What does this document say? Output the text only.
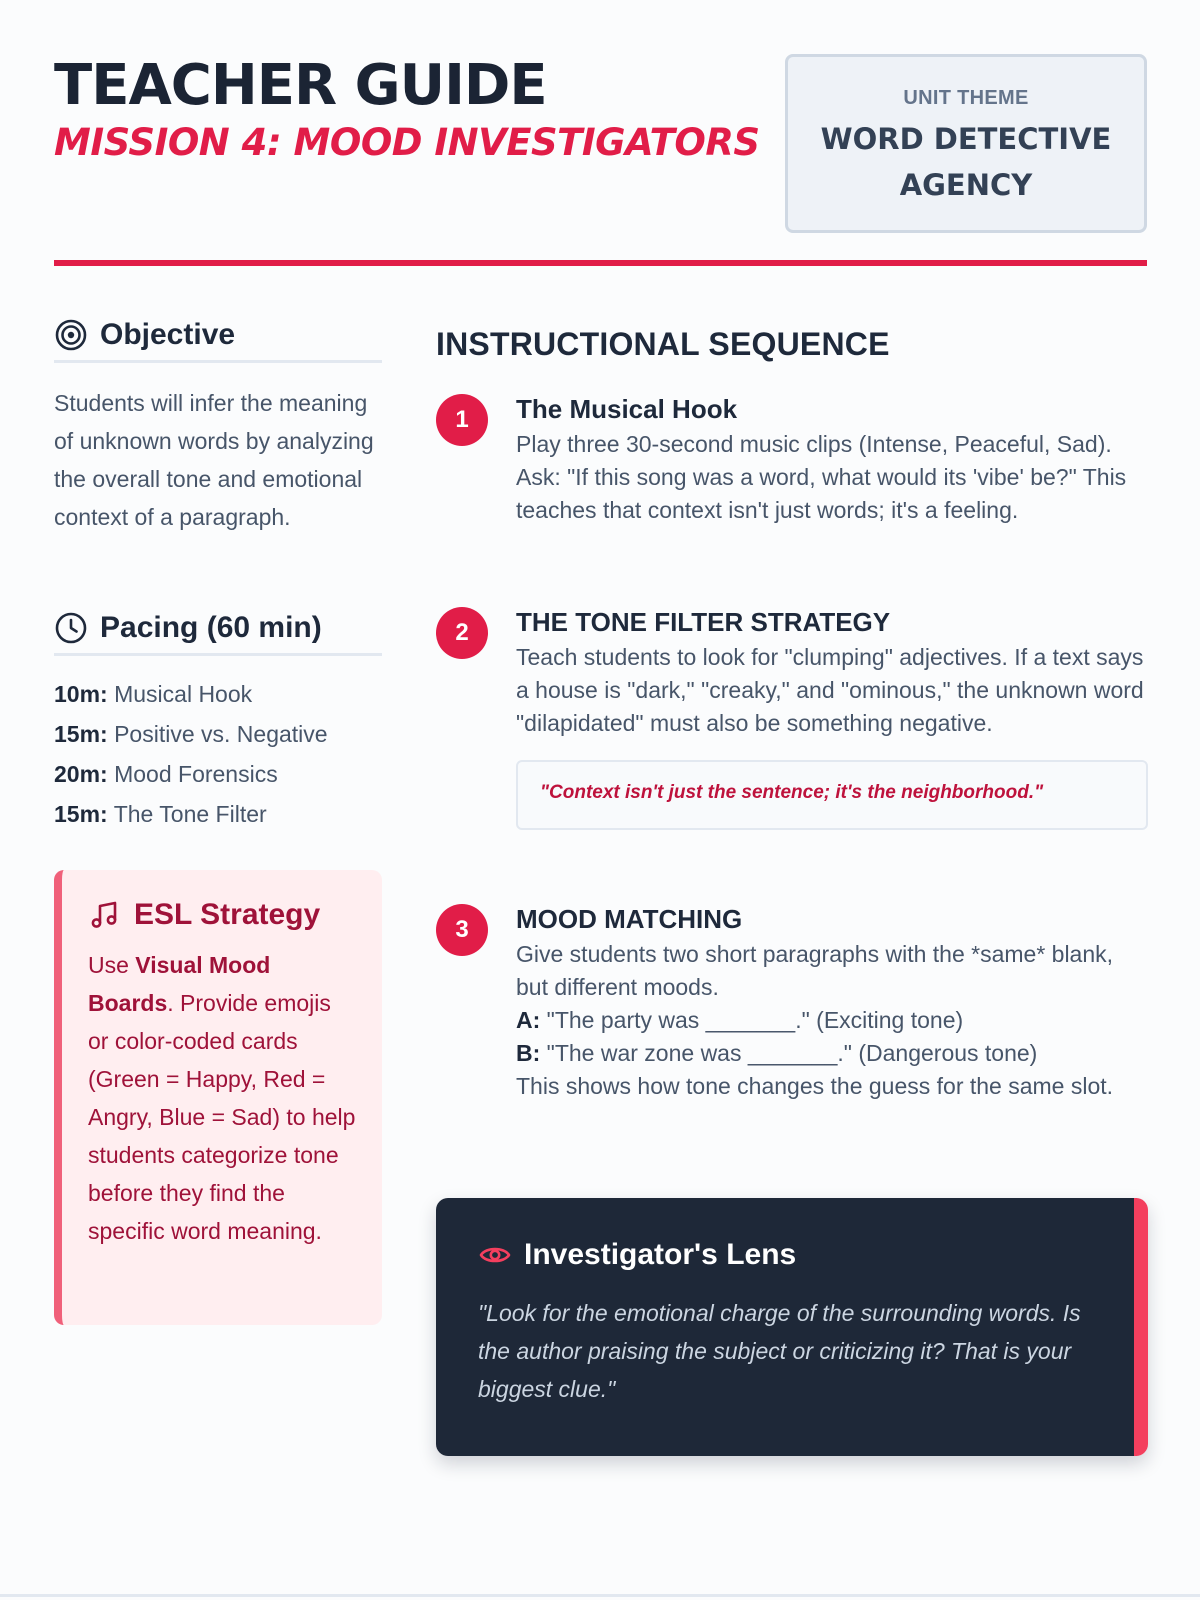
TEACHER GUIDE
MISSION 4: MOOD INVESTIGATORS
UNIT THEME
WORD DETECTIVE AGENCY
Objective

Students will infer the meaning of unknown words by analyzing the overall tone and emotional context of a paragraph.

Pacing (60 min)
10m: Musical Hook
15m: Positive vs. Negative
20m: Mood Forensics
15m: The Tone Filter
ESL Strategy

Use Visual Mood Boards. Provide emojis or color-coded cards (Green = Happy, Red = Angry, Blue = Sad) to help students categorize tone before they find the specific word meaning.

INSTRUCTIONAL SEQUENCE
1	The Musical Hook

Play three 30-second music clips (Intense, Peaceful, Sad). Ask: "If this song was a word, what would its 'vibe' be?" This teaches that context isn't just words; it's a feeling.

2	THE TONE FILTER STRATEGY

Teach students to look for "clumping" adjectives. If a text says a house is "dark," "creaky," and "ominous," the unknown word "dilapidated" must also be something negative.

"Context isn't just the sentence; it's the neighborhood."
3	MOOD MATCHING

Give students two short paragraphs with the *same* blank, but different moods.
A: "The party was _______." (Exciting tone)
B: "The war zone was _______." (Dangerous tone)
This shows how tone changes the guess for the same slot.

Investigator's Lens

"Look for the emotional charge of the surrounding words. Is the author praising the subject or criticizing it? That is your biggest clue."
